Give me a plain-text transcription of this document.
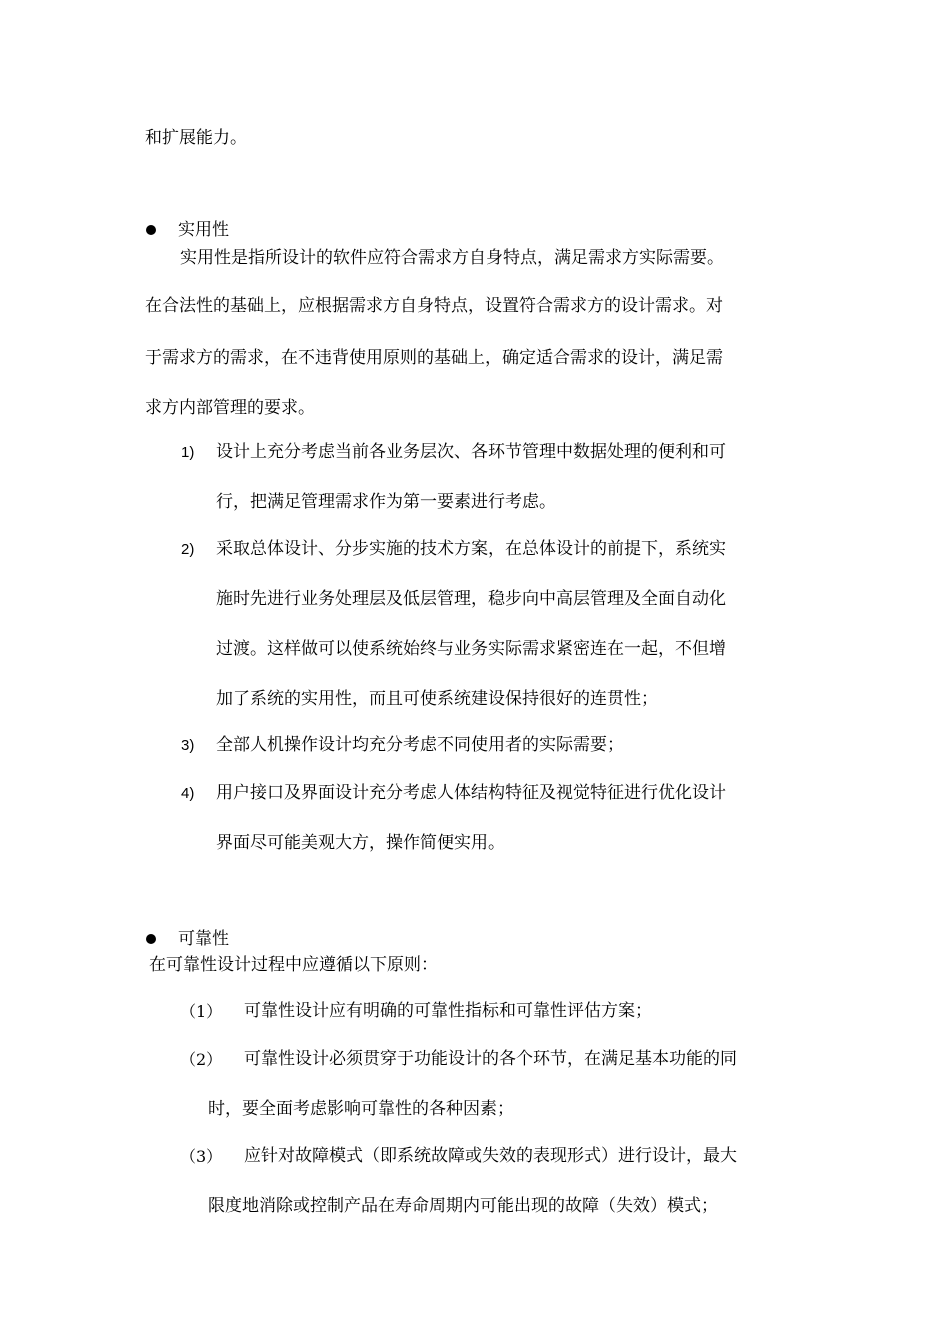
和扩展能力。
实用性
实用性是指所设计的软件应符合需求方自身特点，满足需求方实际需要。
在合法性的基础上，应根据需求方自身特点，设置符合需求方的设计需求。对
于需求方的需求，在不违背使用原则的基础上，确定适合需求的设计，满足需
求方内部管理的要求。
1) 设计上充分考虑当前各业务层次、各环节管理中数据处理的便利和可
行，把满足管理需求作为第一要素进行考虑。
2) 采取总体设计、分步实施的技术方案，在总体设计的前提下，系统实
施时先进行业务处理层及低层管理，稳步向中高层管理及全面自动化
过渡。这样做可以使系统始终与业务实际需求紧密连在一起，不但增
加了系统的实用性，而且可使系统建设保持很好的连贯性；
3) 全部人机操作设计均充分考虑不同使用者的实际需要；
4) 用户接口及界面设计充分考虑人体结构特征及视觉特征进行优化设计
界面尽可能美观大方，操作简便实用。
可靠性
在可靠性设计过程中应遵循以下原则：
（1） 可靠性设计应有明确的可靠性指标和可靠性评估方案；
（2） 可靠性设计必须贯穿于功能设计的各个环节，在满足基本功能的同
时，要全面考虑影响可靠性的各种因素；
（3） 应针对故障模式（即系统故障或失效的表现形式）进行设计，最大
限度地消除或控制产品在寿命周期内可能出现的故障（失效）模式；
